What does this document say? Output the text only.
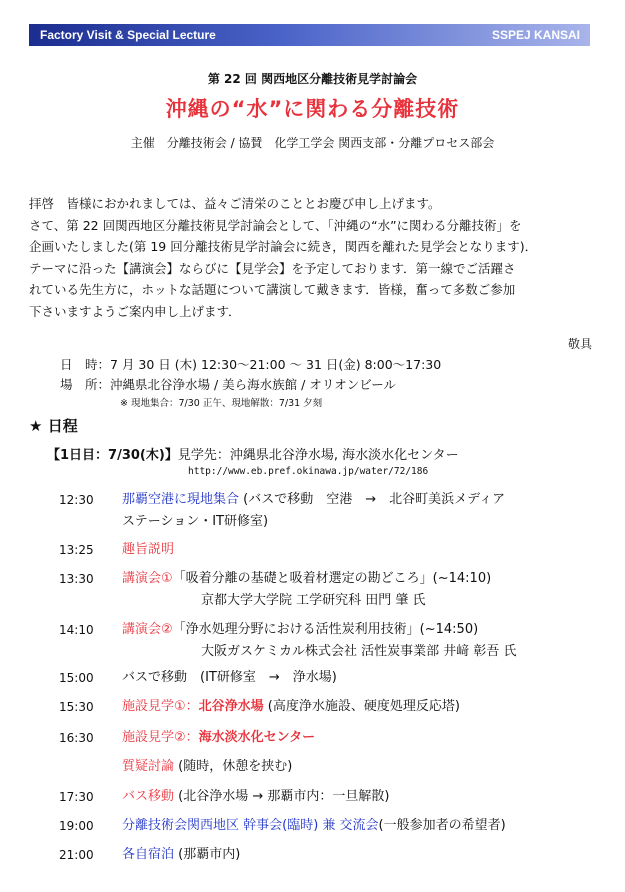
Factory Visit & Special Lecture	SSPEJ KANSAI
第 22 回 関西地区分離技術見学討論会
沖縄の“水”に関わる分離技術
主催　分離技術会 / 協賛　化学工学会 関西支部・分離プロセス部会

拝啓　皆様におかれましては、益々ご清栄のこととお慶び申し上げます。

さて、第 22 回関西地区分離技術見学討論会として、「沖縄の“水”に関わる分離技術」を

企画いたしました(第 19 回分離技術見学討論会に続き，関西を離れた見学会となります)．

テーマに沿った【講演会】ならびに【見学会】を予定しております．第一線でご活躍さ

れている先生方に，ホットな話題について講演して戴きます．皆様，奮って多数ご参加

下さいますようご案内申し上げます．

敬具
日　時：7 月 30 日 (木) 12:30～21:00 ～ 31 日(金) 8:00～17:30
場　所：沖縄県北谷浄水場 / 美ら海水族館 / オリオンビール
※ 現地集合：7/30 正午、現地解散：7/31 夕刻
★ 日程
【1日目：7/30(木)】見学先：沖縄県北谷浄水場, 海水淡水化センター
http://www.eb.pref.okinawa.jp/water/72/186
12:30	那覇空港に現地集合 (バスで移動　空港　→　北谷町美浜メディア
ステーション・IT研修室)
13:25	趣旨説明
13:30	講演会①「吸着分離の基礎と吸着材選定の勘どころ」(~14:10)
京都大学大学院 工学研究科 田門 肇 氏
14:10	講演会②「浄水処理分野における活性炭利用技術」(~14:50)
大阪ガスケミカル株式会社 活性炭事業部 井﨑 彰吾 氏
15:00	バスで移動　(IT研修室　→　浄水場)
15:30	施設見学①：北谷浄水場 (高度浄水施設、硬度処理反応塔)
16:30	施設見学②：海水淡水化センター
質疑討論 (随時，休憩を挟む)
17:30	バス移動 (北谷浄水場 → 那覇市内：一旦解散)
19:00	分離技術会関西地区 幹事会(臨時) 兼 交流会(一般参加者の希望者)
21:00	各自宿泊 (那覇市内)
